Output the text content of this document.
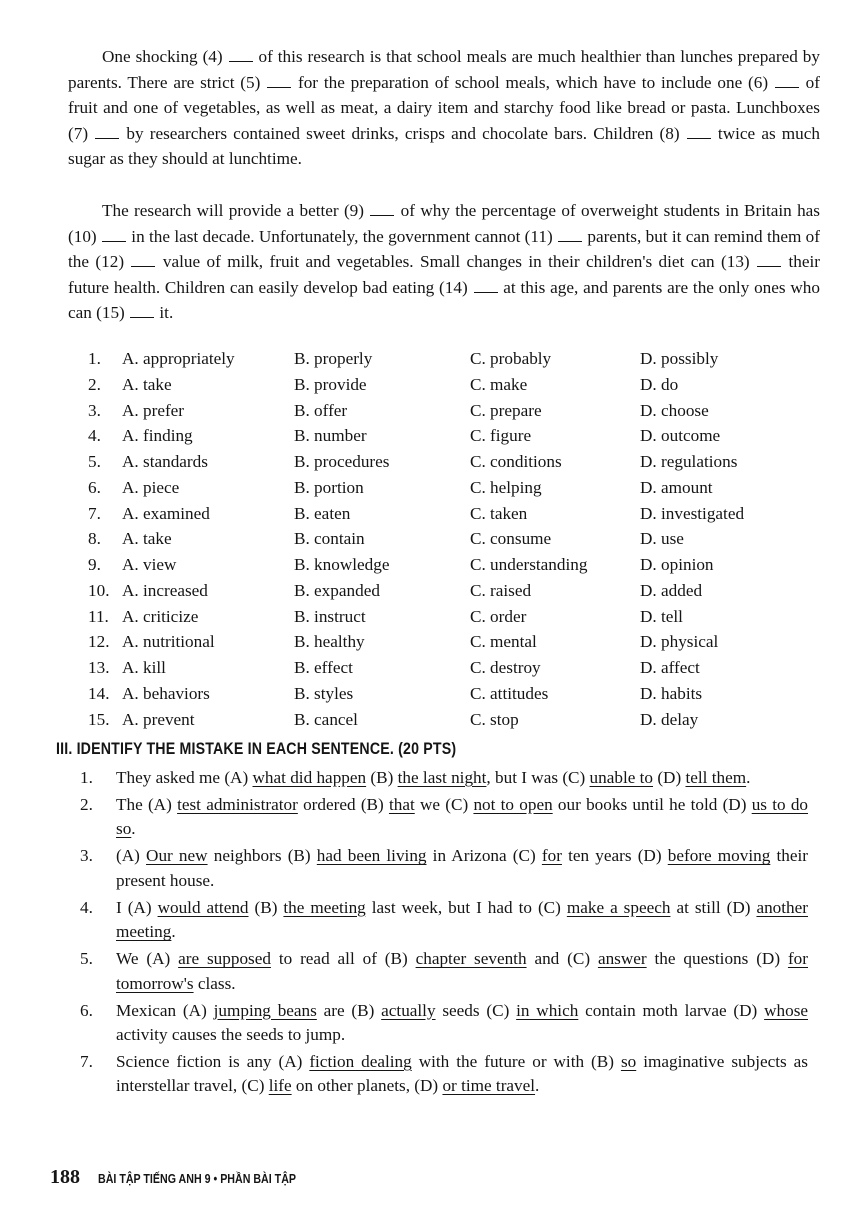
One shocking (4)  of this research is that school meals are much healthier than lunches prepared by parents. There are strict (5)  for the preparation of school meals, which have to include one (6)  of fruit and one of vegetables, as well as meat, a dairy item and starchy food like bread or pasta. Lunchboxes (7)  by researchers contained sweet drinks, crisps and chocolate bars. Children (8)  twice as much sugar as they should at lunchtime.

The research will provide a better (9)  of why the percentage of overweight students in Britain has (10)  in the last decade. Unfortunately, the government cannot (11)  parents, but it can remind them of the (12)  value of milk, fruit and vegetables. Small changes in their children's diet can (13)  their future health. Children can easily develop bad eating (14)  at this age, and parents are the only ones who can (15)  it.

1.	A. appropriately	B. properly	C. probably	D. possibly
2.	A. take	B. provide	C. make	D. do
3.	A. prefer	B. offer	C. prepare	D. choose
4.	A. finding	B. number	C. figure	D. outcome
5.	A. standards	B. procedures	C. conditions	D. regulations
6.	A. piece	B. portion	C. helping	D. amount
7.	A. examined	B. eaten	C. taken	D. investigated
8.	A. take	B. contain	C. consume	D. use
9.	A. view	B. knowledge	C. understanding	D. opinion
10. A. increased	B. expanded	C. raised	D. added
11. A. criticize	B. instruct	C. order	D. tell
12. A. nutritional	B. healthy	C. mental	D. physical
13. A. kill	B. effect	C. destroy	D. affect
14. A. behaviors	B. styles	C. attitudes	D. habits
15. A. prevent	B. cancel	C. stop	D. delay

III. IDENTIFY THE MISTAKE IN EACH SENTENCE. (20 PTS)

1. They asked me (A) what did happen (B) the last night, but I was (C) unable to (D) tell them.
2. The (A) test administrator ordered (B) that we (C) not to open our books until he told (D) us to do so.
3. (A) Our new neighbors (B) had been living in Arizona (C) for ten years (D) before moving their present house.
4. I (A) would attend (B) the meeting last week, but I had to (C) make a speech at still (D) another meeting.
5. We (A) are supposed to read all of (B) chapter seventh and (C) answer the questions (D) for tomorrow's class.
6. Mexican (A) jumping beans are (B) actually seeds (C) in which contain moth larvae (D) whose activity causes the seeds to jump.
7. Science fiction is any (A) fiction dealing with the future or with (B) so imaginative subjects as interstellar travel, (C) life on other planets, (D) or time travel.
188 BÀI TẬP TIẾNG ANH 9 • PHẦN BÀI TẬP
